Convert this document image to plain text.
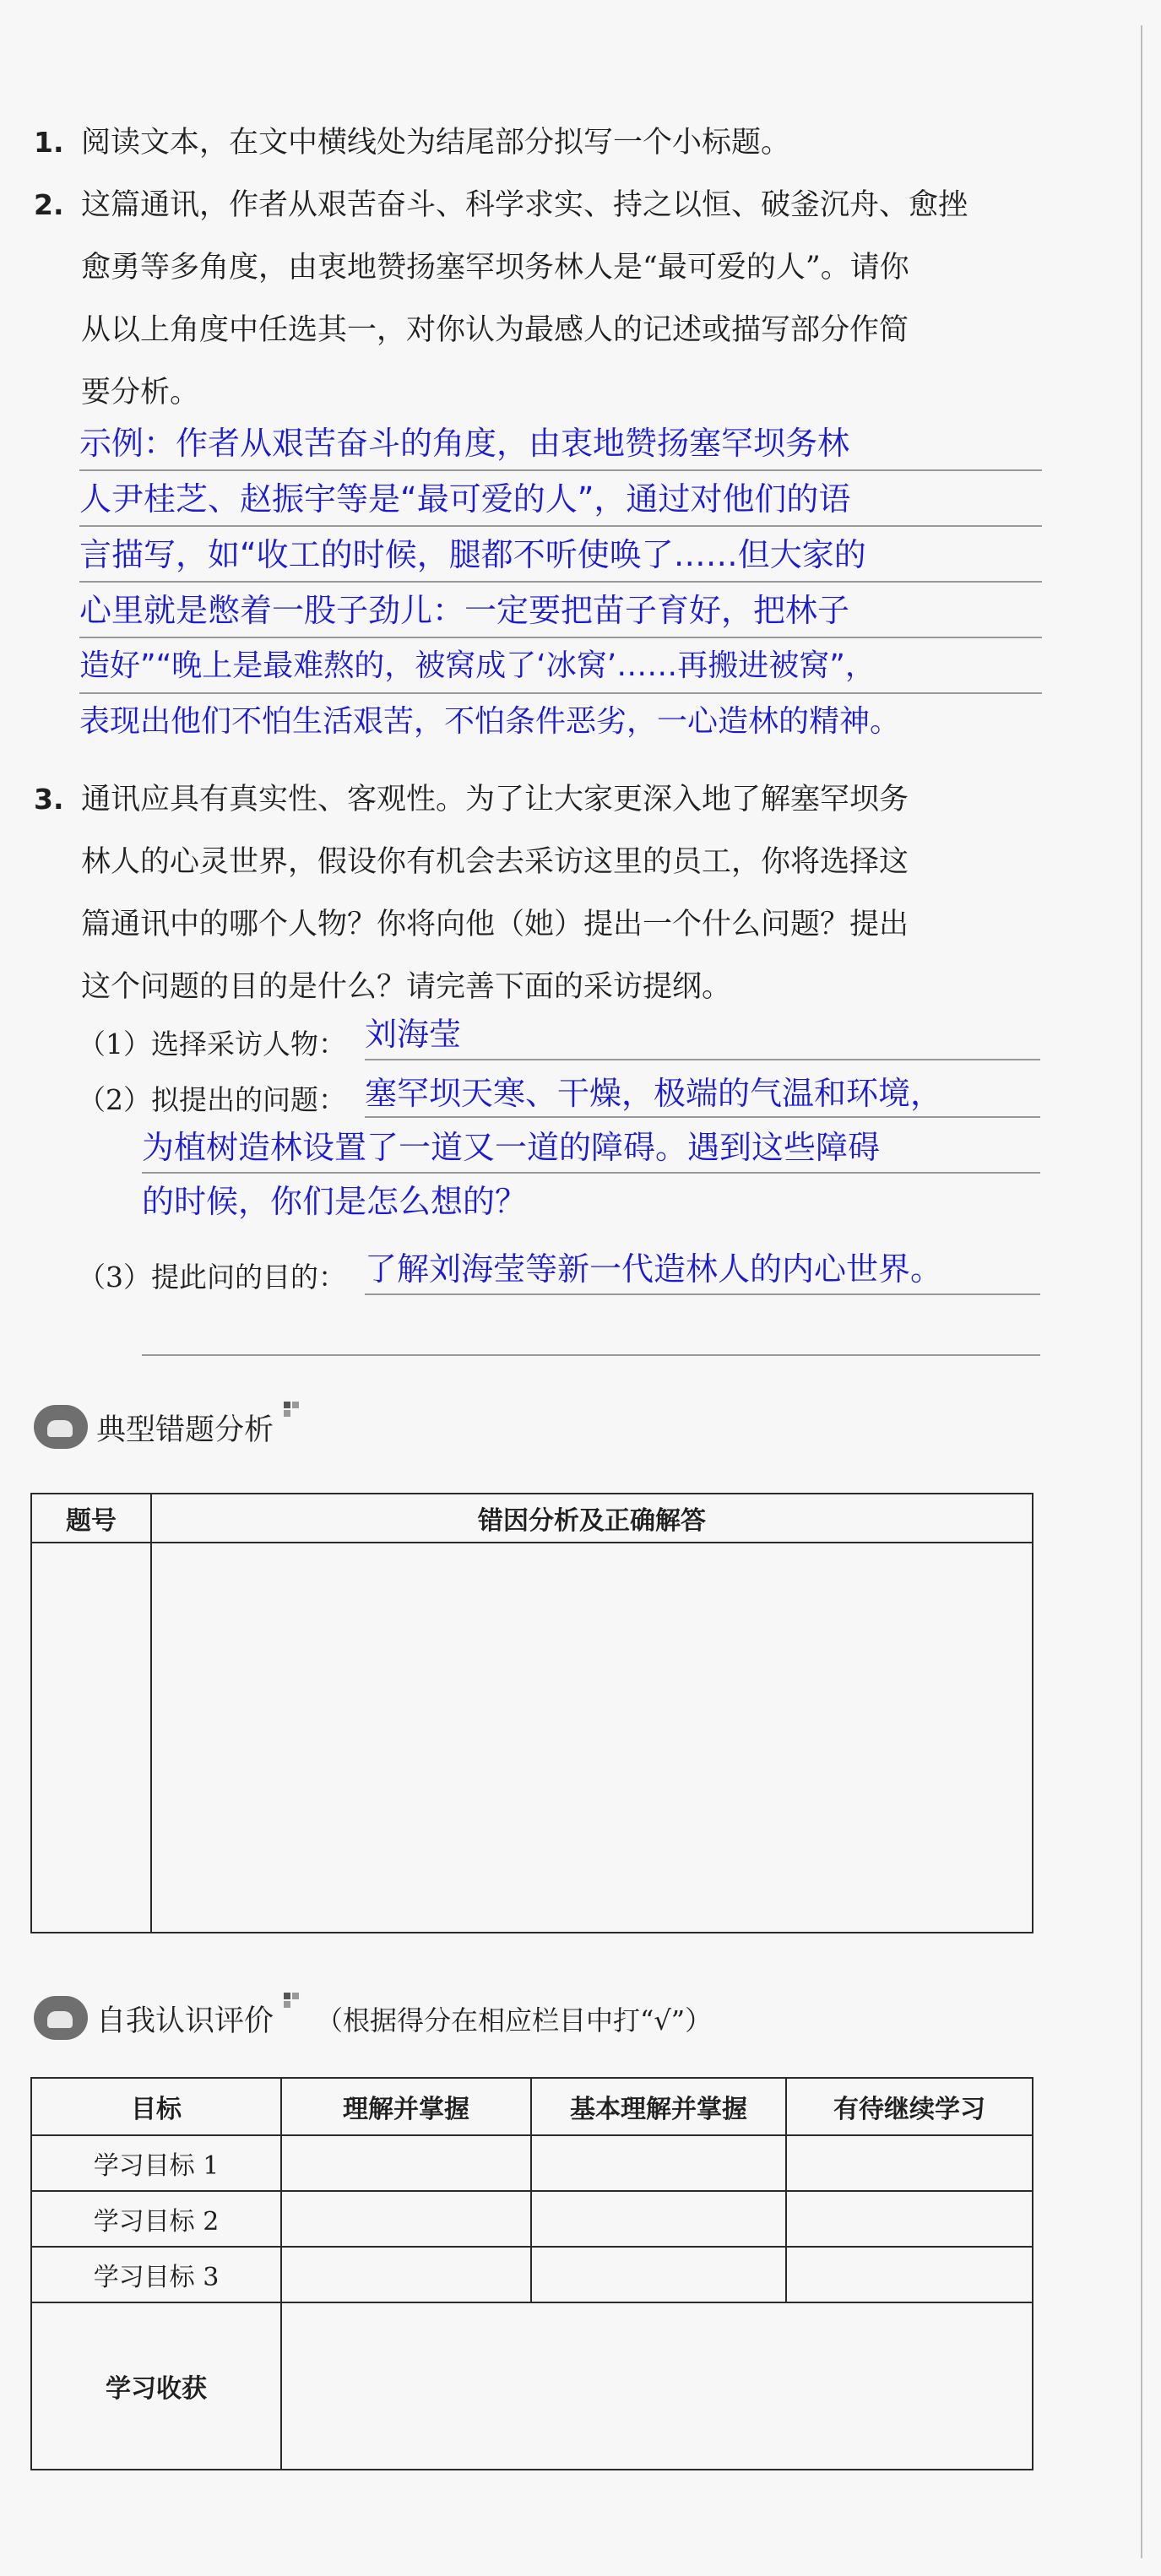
1. 阅读文本，在文中横线处为结尾部分拟写一个小标题。
2. 这篇通讯，作者从艰苦奋斗、科学求实、持之以恒、破釜沉舟、愈挫
愈勇等多角度，由衷地赞扬塞罕坝务林人是“最可爱的人”。请你
从以上角度中任选其一，对你认为最感人的记述或描写部分作简
要分析。
示例：作者从艰苦奋斗的角度，由衷地赞扬塞罕坝务林
人尹桂芝、赵振宇等是“最可爱的人”，通过对他们的语
言描写，如“收工的时候，腿都不听使唤了……但大家的
心里就是憋着一股子劲儿：一定要把苗子育好，把林子
造好”“晚上是最难熬的，被窝成了‘冰窝’……再搬进被窝”，
表现出他们不怕生活艰苦，不怕条件恶劣，一心造林的精神。
3. 通讯应具有真实性、客观性。为了让大家更深入地了解塞罕坝务
林人的心灵世界，假设你有机会去采访这里的员工，你将选择这
篇通讯中的哪个人物？你将向他（她）提出一个什么问题？提出
这个问题的目的是什么？请完善下面的采访提纲。
（1）选择采访人物： 刘海莹
（2）拟提出的问题： 塞罕坝天寒、干燥，极端的气温和环境，
为植树造林设置了一道又一道的障碍。遇到这些障碍
的时候，你们是怎么想的？
（3）提此问的目的： 了解刘海莹等新一代造林人的内心世界。
典型错题分析
题号	错因分析及正确解答

自我认识评价 （根据得分在相应栏目中打“√”）
目标	理解并掌握	基本理解并掌握	有待继续学习
学习目标 1			
学习目标 2			
学习目标 3			
学习收获			
